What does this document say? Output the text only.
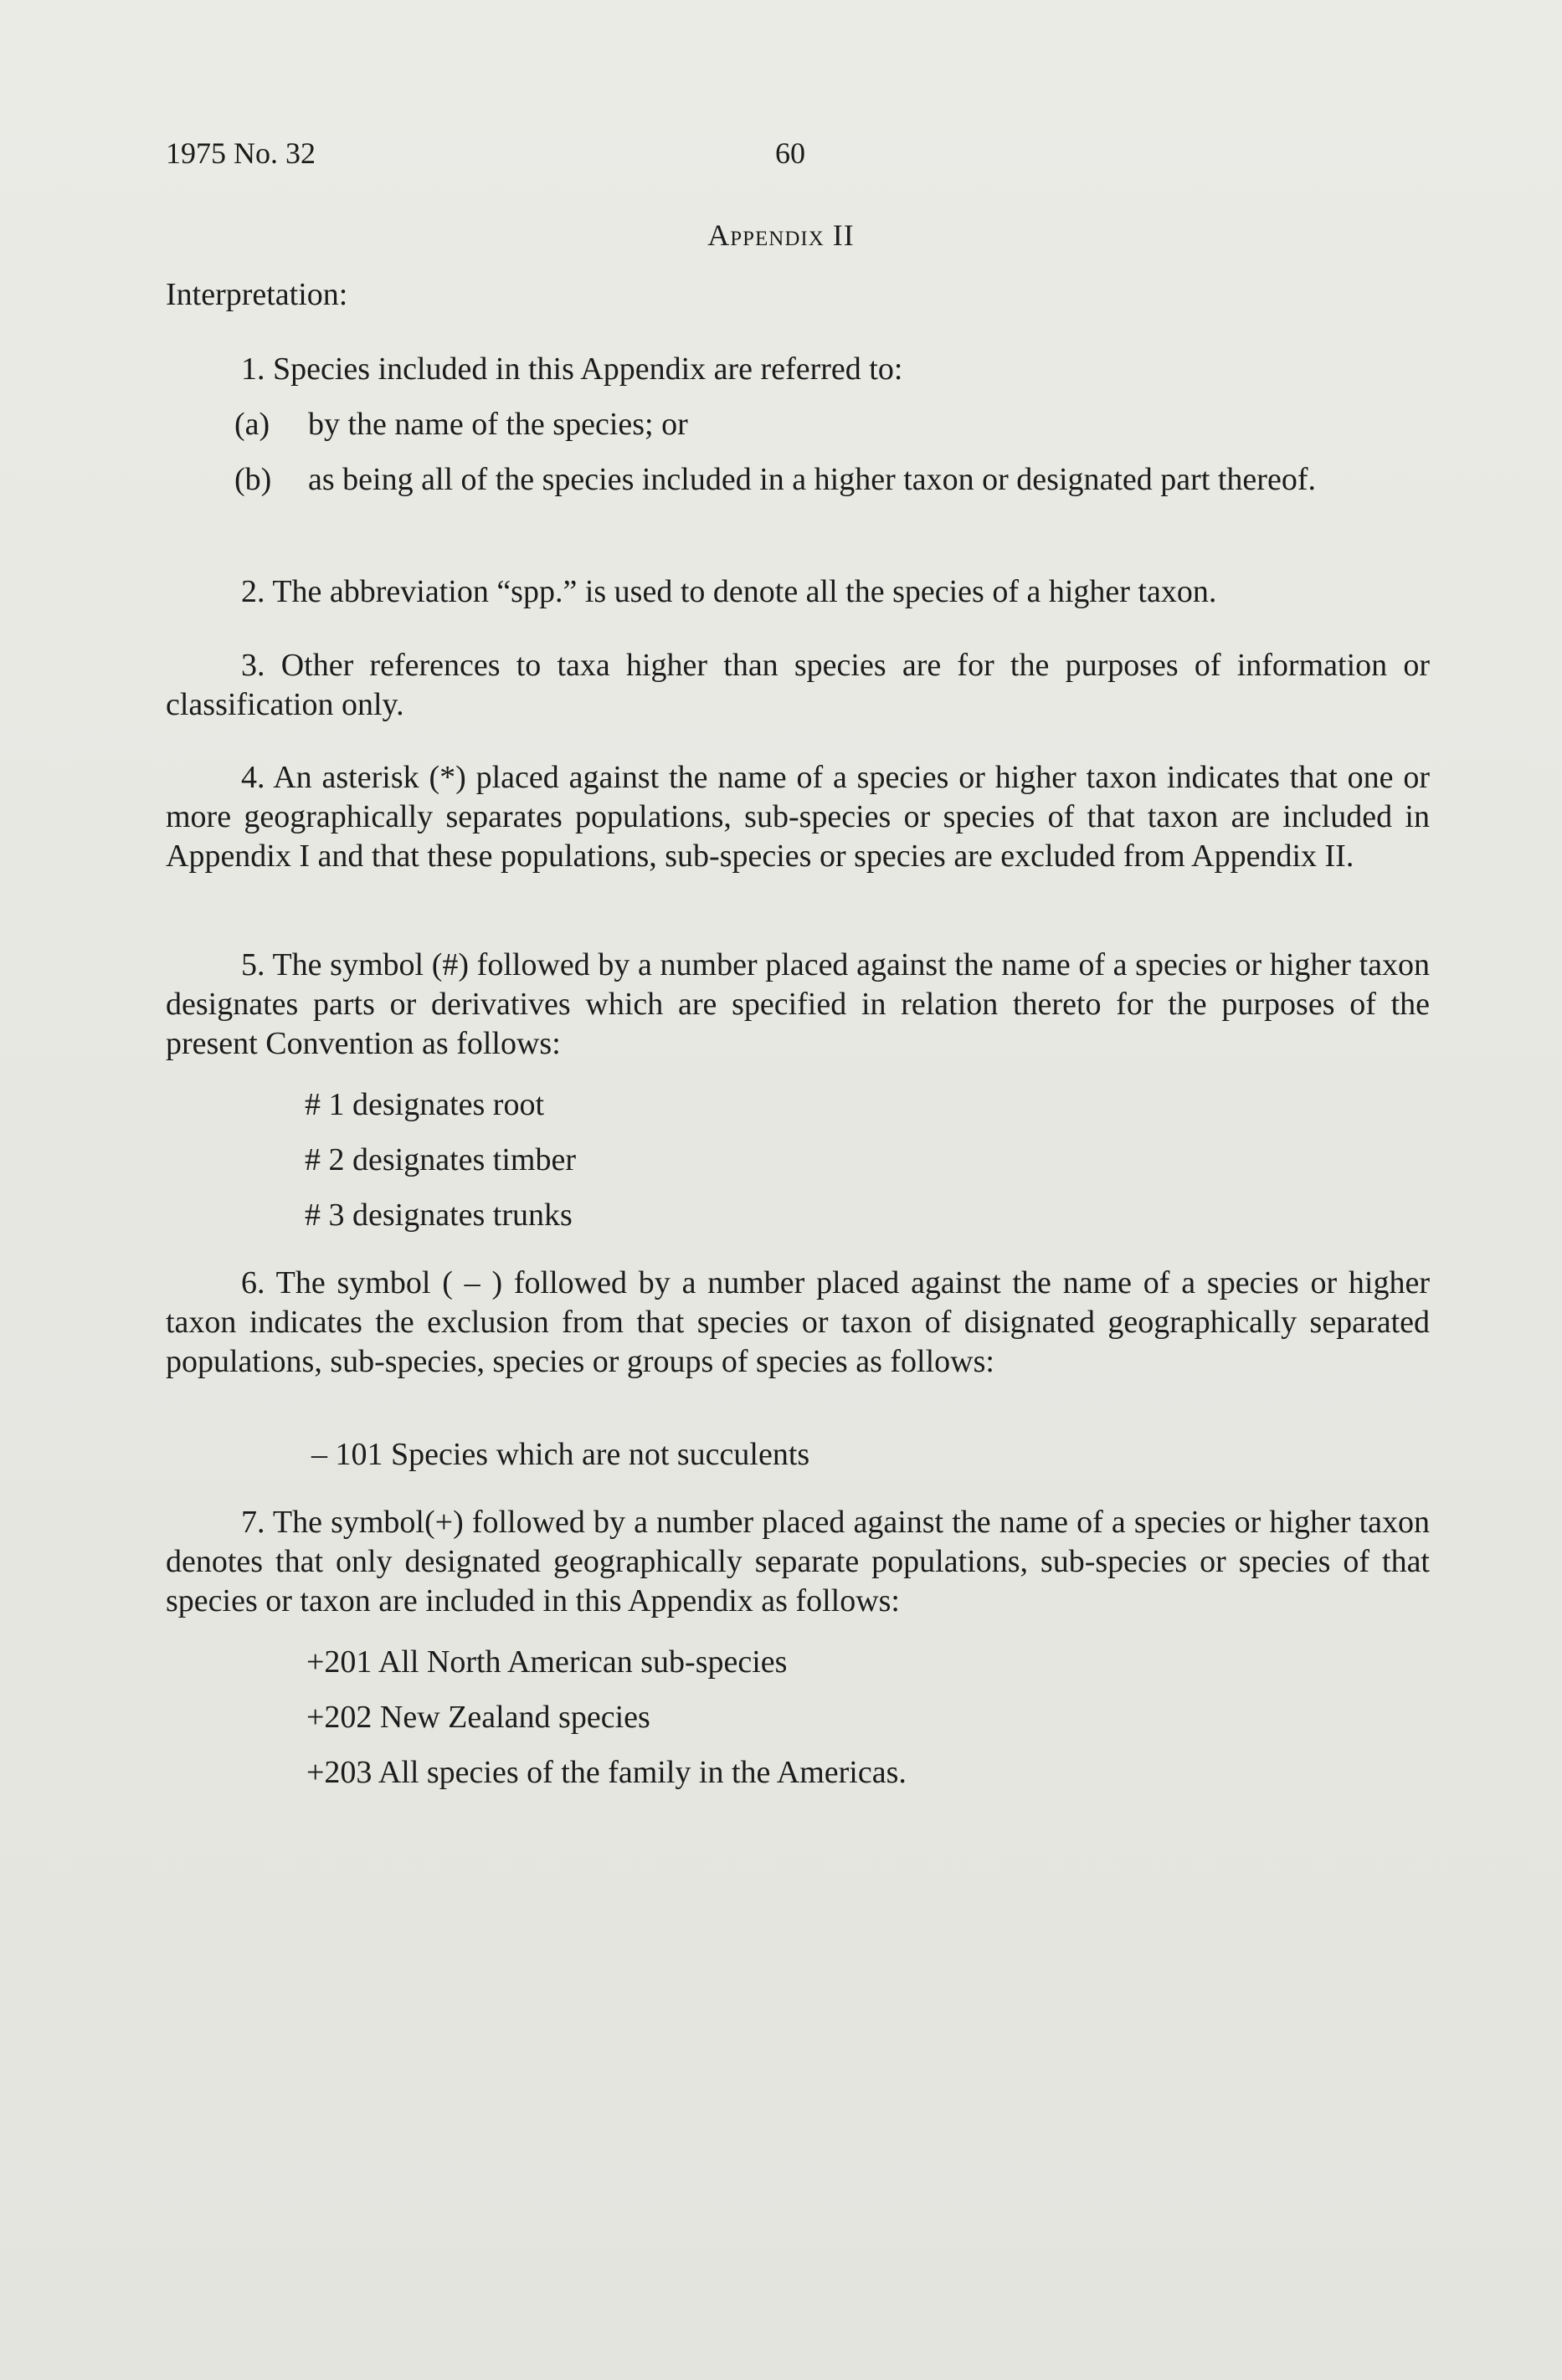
1975 No. 32	60
Appendix II
Interpretation:

1. Species included in this Appendix are referred to:

(a) by the name of the species; or
(b) as being all of the species included in a higher taxon or designated part thereof.

2. The abbreviation “spp.” is used to denote all the species of a higher taxon.

3. Other references to taxa higher than species are for the purposes of information or classification only.

4. An asterisk (*) placed against the name of a species or higher taxon indicates that one or more geographically separates populations, sub-species or species of that taxon are included in Appendix I and that these populations, sub-species or species are excluded from Appendix II.

5. The symbol (#) followed by a number placed against the name of a species or higher taxon designates parts or derivatives which are specified in relation thereto for the purposes of the present Convention as follows:

# 1 designates root
# 2 designates timber
# 3 designates trunks

6. The symbol ( – ) followed by a number placed against the name of a species or higher taxon indicates the exclusion from that species or taxon of disignated geographically separated populations, sub-species, species or groups of species as follows:

– 101 Species which are not succulents

7. The symbol(+) followed by a number placed against the name of a species or higher taxon denotes that only designated geographically separate populations, sub-species or species of that species or taxon are included in this Appendix as follows:

+201 All North American sub-species
+202 New Zealand species
+203 All species of the family in the Americas.
